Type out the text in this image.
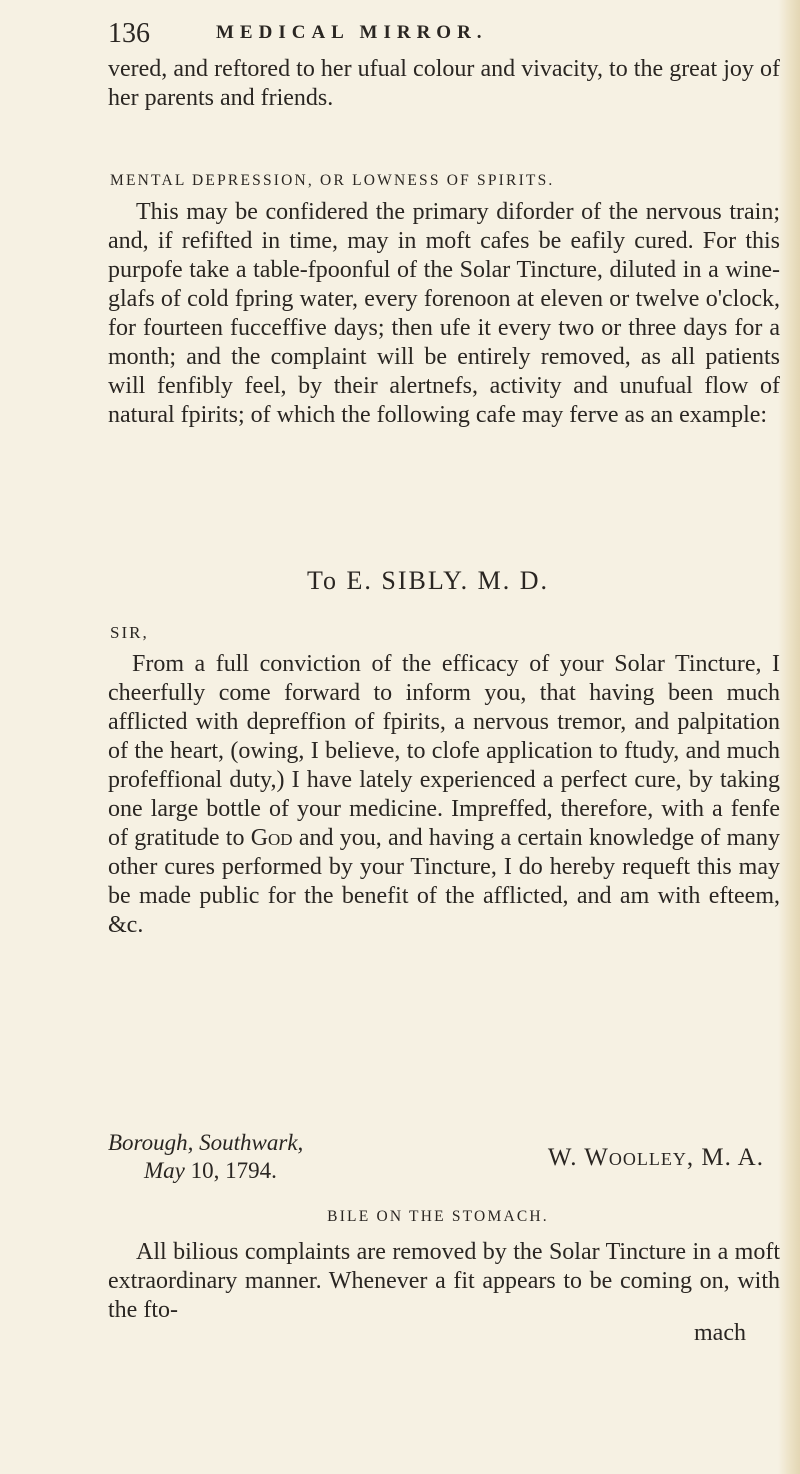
136	MEDICAL MIRROR.

vered, and reftored to her ufual colour and vivacity, to the great joy of her parents and friends.

MENTAL DEPRESSION, OR LOWNESS OF SPIRITS.

This may be confidered the primary diforder of the nervous train; and, if refifted in time, may in moft cafes be eafily cured. For this purpofe take a table-fpoonful of the Solar Tincture, diluted in a wine-glafs of cold fpring water, every forenoon at eleven or twelve o'clock, for fourteen fucceffive days; then ufe it every two or three days for a month; and the complaint will be entirely removed, as all patients will fenfibly feel, by their alertnefs, activity and unufual flow of natural fpirits; of which the following cafe may ferve as an example:

To E. SIBLY. M. D.
SIR,

From a full conviction of the efficacy of your Solar Tincture, I cheerfully come forward to inform you, that having been much afflicted with depreffion of fpirits, a nervous tremor, and palpitation of the heart, (owing, I believe, to clofe application to ftudy, and much profeffional duty,) I have lately experienced a perfect cure, by taking one large bottle of your medicine. Impreffed, therefore, with a fenfe of gratitude to God and you, and having a certain knowledge of many other cures performed by your Tincture, I do hereby requeft this may be made public for the benefit of the afflicted, and am with efteem, &c.

Borough, Southwark,
May 10, 1794.	W. Woolley, M. A.
BILE ON THE STOMACH.

All bilious complaints are removed by the Solar Tincture in a moft extraordinary manner. Whenever a fit appears to be coming on, with the fto-

mach
